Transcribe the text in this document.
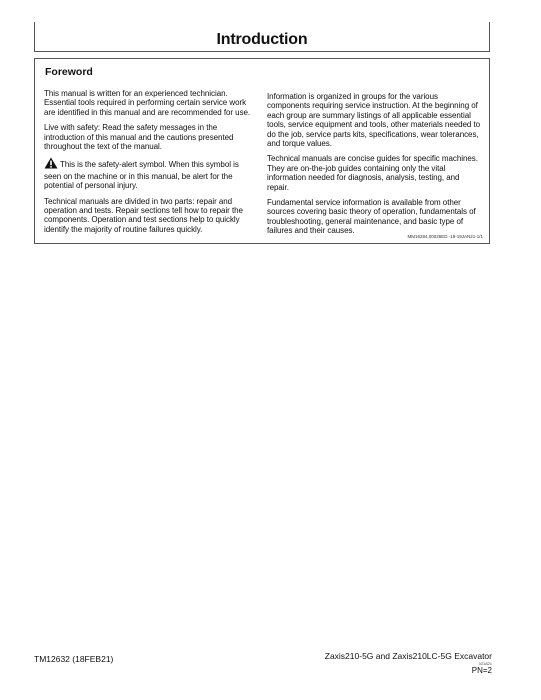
Introduction
Foreword

This manual is written for an experienced technician. Essential tools required in performing certain service work are identified in this manual and are recommended for use.

Live with safety: Read the safety messages in the introduction of this manual and the cautions presented throughout the text of the manual.

This is the safety-alert symbol. When this symbol is seen on the machine or in this manual, be alert for the potential of personal injury.

Technical manuals are divided in two parts: repair and operation and tests. Repair sections tell how to repair the components. Operation and test sections help to quickly identify the majority of routine failures quickly.

Information is organized in groups for the various components requiring service instruction. At the beginning of each group are summary listings of all applicable essential tools, service equipment and tools, other materials needed to do the job, service parts kits, specifications, wear tolerances, and torque values.

Technical manuals are concise guides for specific machines. They are on-the-job guides containing only the vital information needed for diagnosis, analysis, testing, and repair.

Fundamental service information is available from other sources covering basic theory of operation, fundamentals of troubleshooting, general maintenance, and basic type of failures and their causes.

MM16284,00026ED -19-19JAN21-1/1
TM12632 (18FEB21)	Zaxis210-5G and Zaxis210LC-5G Excavator
021821
PN=2
